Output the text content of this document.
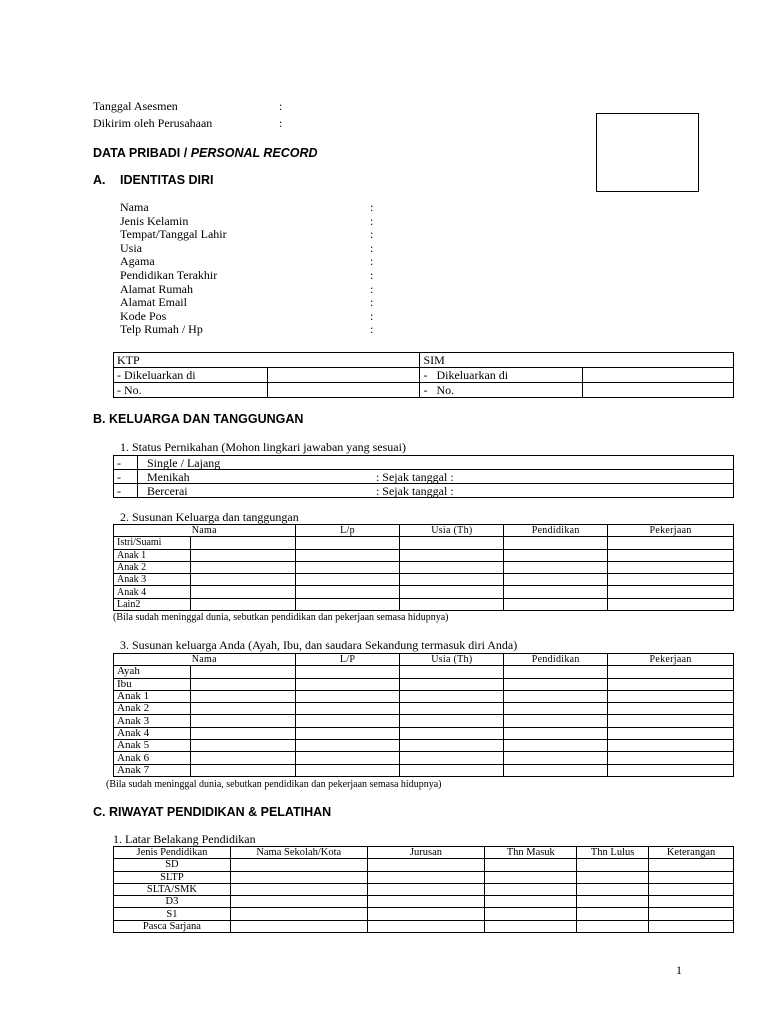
Tanggal Asesmen	:
Dikirim oleh Perusahaan	:
DATA PRIBADI / PERSONAL RECORD
A. IDENTITAS DIRI
Nama	:
Jenis Kelamin	:
Tempat/Tanggal Lahir	:
Usia	:
Agama	:
Pendidikan Terakhir	:
Alamat Rumah	:
Alamat Email	:
Kode Pos	:
Telp Rumah / Hp	:
KTP		SIM	
- Dikeluarkan di		- Dikeluarkan di	
- No.		- No.	
B. KELUARGA DAN TANGGUNGAN
1. Status Pernikahan (Mohon lingkari jawaban yang sesuai)
-	Single / Lajang

-	Menikah : Sejak tanggal :

-	Bercerai : Sejak tanggal :
2. Susunan Keluarga dan tanggungan
Nama		L/p	Usia (Th)	Pendidikan	Pekerjaan
Istri/Suami					
Anak 1					
Anak 2					
Anak 3					
Anak 4					
Lain2					
(Bila sudah meninggal dunia, sebutkan pendidikan dan pekerjaan semasa hidupnya)
3. Susunan keluarga Anda (Ayah, Ibu, dan saudara Sekandung termasuk diri Anda)
Nama		L/P	Usia (Th)	Pendidikan	Pekerjaan
Ayah					
Ibu					
Anak 1					
Anak 2					
Anak 3					
Anak 4					
Anak 5					
Anak 6					
Anak 7					
(Bila sudah meninggal dunia, sebutkan pendidikan dan pekerjaan semasa hidupnya)
C. RIWAYAT PENDIDIKAN & PELATIHAN
1. Latar Belakang Pendidikan
Jenis Pendidikan	Nama Sekolah/Kota	Jurusan	Thn Masuk	Thn Lulus	Keterangan
SD					
SLTP					
SLTA/SMK					
D3					
S1					
Pasca Sarjana					
1
